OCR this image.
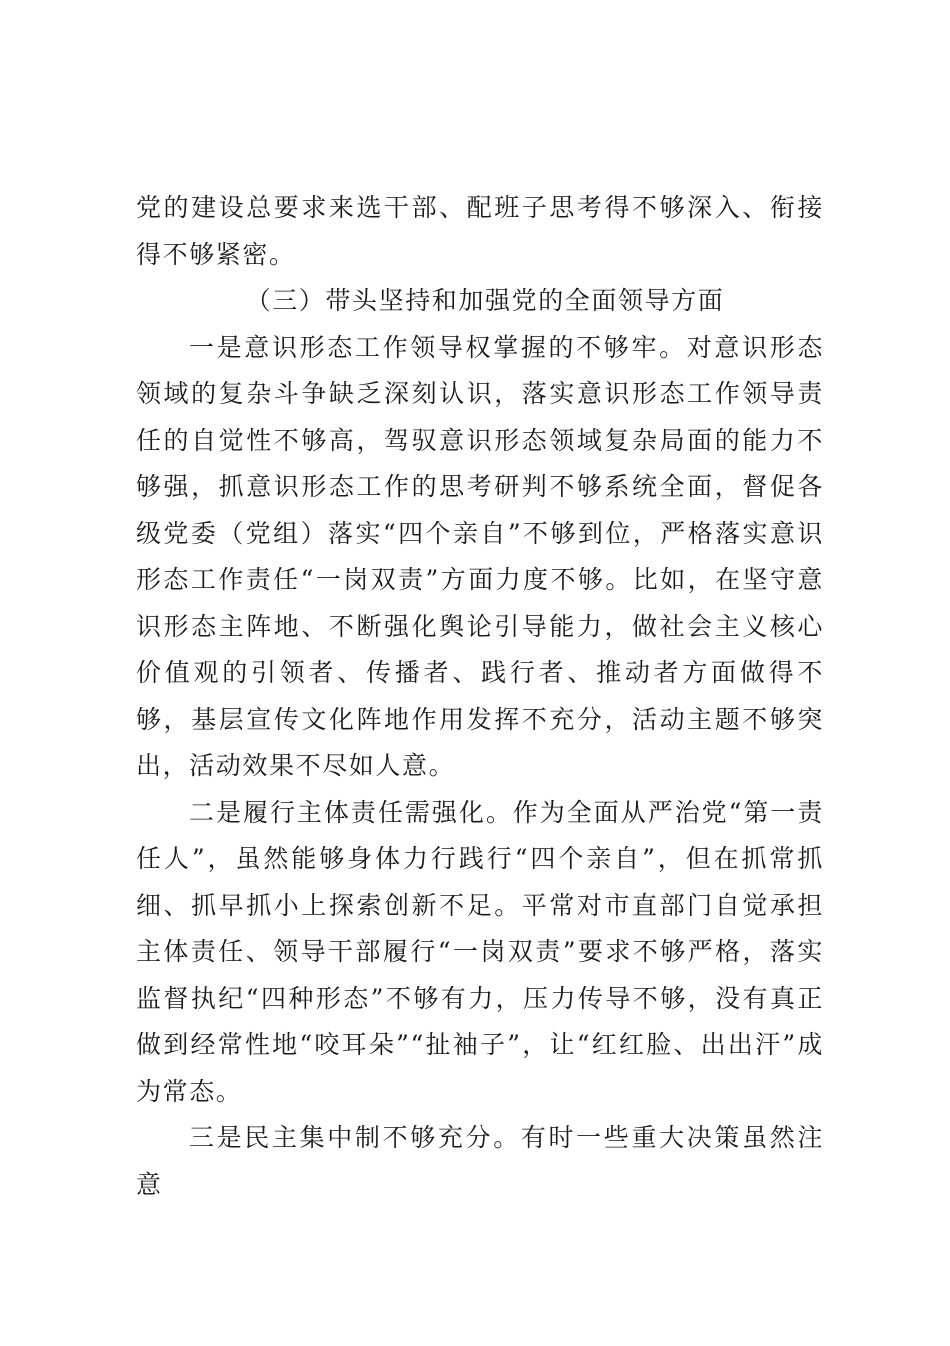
党的建设总要求来选干部、配班子思考得不够深入、衔接得不够紧密。

（三）带头坚持和加强党的全面领导方面

一是意识形态工作领导权掌握的不够牢。对意识形态领域的复杂斗争缺乏深刻认识，落实意识形态工作领导责任的自觉性不够高，驾驭意识形态领域复杂局面的能力不够强，抓意识形态工作的思考研判不够系统全面，督促各级党委（党组）落实“四个亲自”不够到位，严格落实意识形态工作责任“一岗双责”方面力度不够。比如，在坚守意识形态主阵地、不断强化舆论引导能力，做社会主义核心价值观的引领者、传播者、践行者、推动者方面做得不够，基层宣传文化阵地作用发挥不充分，活动主题不够突出，活动效果不尽如人意。

二是履行主体责任需强化。作为全面从严治党“第一责任人”，虽然能够身体力行践行“四个亲自”，但在抓常抓细、抓早抓小上探索创新不足。平常对市直部门自觉承担主体责任、领导干部履行“一岗双责”要求不够严格，落实监督执纪“四种形态”不够有力，压力传导不够，没有真正做到经常性地“咬耳朵”“扯袖子”，让“红红脸、出出汗”成为常态。

三是民主集中制不够充分。有时一些重大决策虽然注意
